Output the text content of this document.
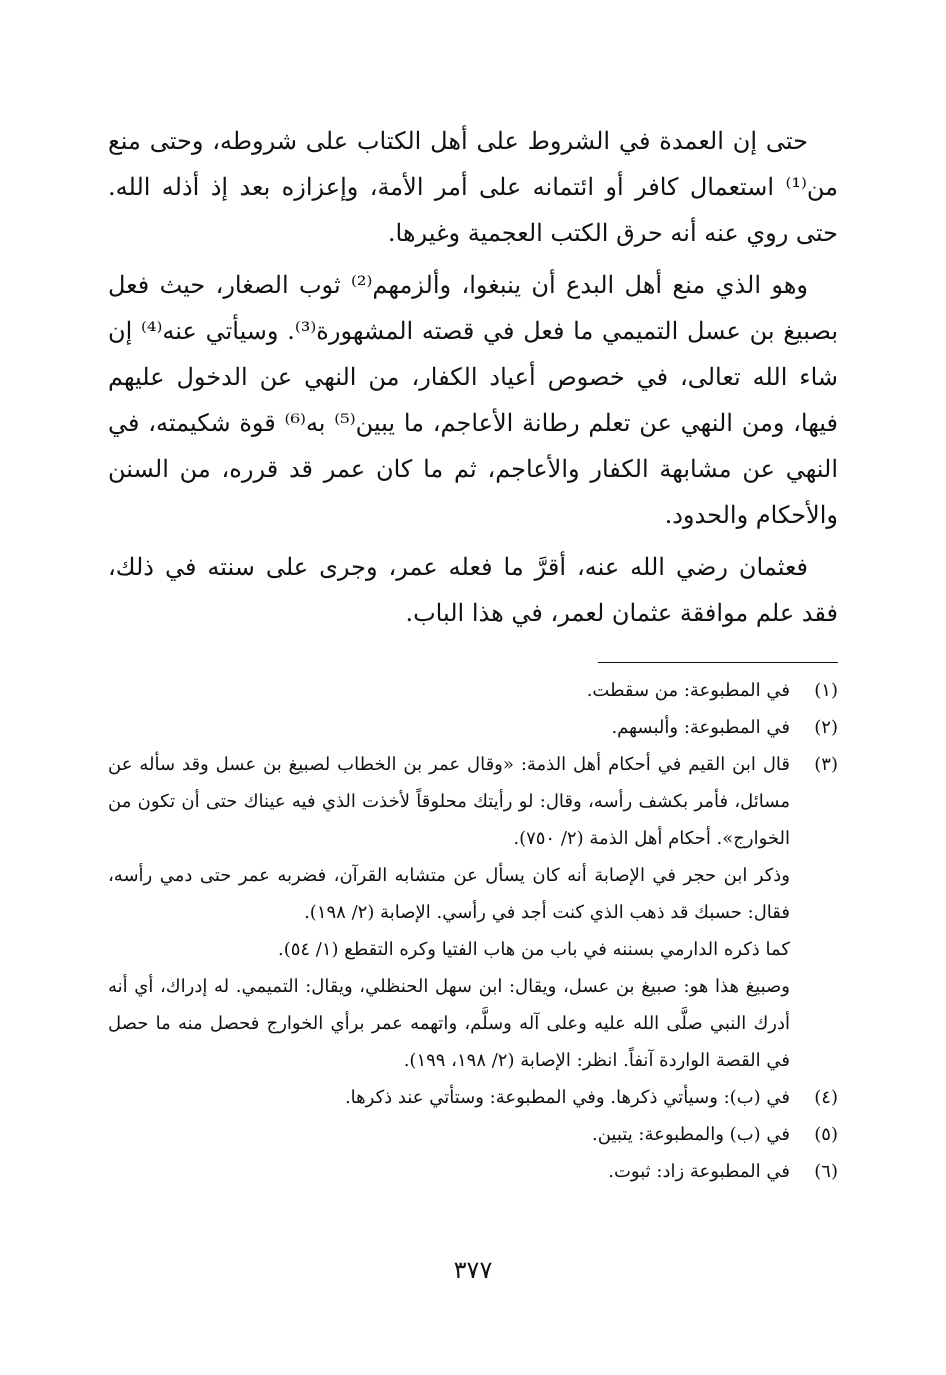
حتى إن العمدة في الشروط على أهل الكتاب على شروطه، وحتى منع من⁽¹⁾ استعمال كافر أو ائتمانه على أمر الأمة، وإعزازه بعد إذ أذله الله. حتى روي عنه أنه حرق الكتب العجمية وغيرها.

وهو الذي منع أهل البدع أن ينبغوا، وألزمهم⁽²⁾ ثوب الصغار، حيث فعل بصبيغ بن عسل التميمي ما فعل في قصته المشهورة⁽³⁾. وسيأتي عنه⁽⁴⁾ إن شاء الله تعالى، في خصوص أعياد الكفار، من النهي عن الدخول عليهم فيها، ومن النهي عن تعلم رطانة الأعاجم، ما يبين⁽⁵⁾ به⁽⁶⁾ قوة شكيمته، في النهي عن مشابهة الكفار والأعاجم، ثم ما كان عمر قد قرره، من السنن والأحكام والحدود.

فعثمان رضي الله عنه، أقرَّ ما فعله عمر، وجرى على سنته في ذلك، فقد علم موافقة عثمان لعمر، في هذا الباب.

(١)

في المطبوعة: من سقطت.

(٢)

في المطبوعة: وألبسهم.

(٣)

قال ابن القيم في أحكام أهل الذمة: «وقال عمر بن الخطاب لصبيغ بن عسل وقد سأله عن مسائل، فأمر بكشف رأسه، وقال: لو رأيتك محلوقاً لأخذت الذي فيه عيناك حتى أن تكون من الخوارج». أحكام أهل الذمة (٢/ ٧٥٠).

وذكر ابن حجر في الإصابة أنه كان يسأل عن متشابه القرآن، فضربه عمر حتى دمي رأسه، فقال: حسبك قد ذهب الذي كنت أجد في رأسي. الإصابة (٢/ ١٩٨).

كما ذكره الدارمي بسننه في باب من هاب الفتيا وكره التقطع (١/ ٥٤).

وصبيغ هذا هو: صبيغ بن عسل، ويقال: ابن سهل الحنظلي، ويقال: التميمي. له إدراك، أي أنه أدرك النبي صلَّى الله عليه وعلى آله وسلَّم، واتهمه عمر برأي الخوارج فحصل منه ما حصل في القصة الواردة آنفاً. انظر: الإصابة (٢/ ١٩٨، ١٩٩).

(٤)

في (ب): وسيأتي ذكرها. وفي المطبوعة: وستأتي عند ذكرها.

(٥)

في (ب) والمطبوعة: يتبين.

(٦)

في المطبوعة زاد: ثبوت.

٣٧٧
